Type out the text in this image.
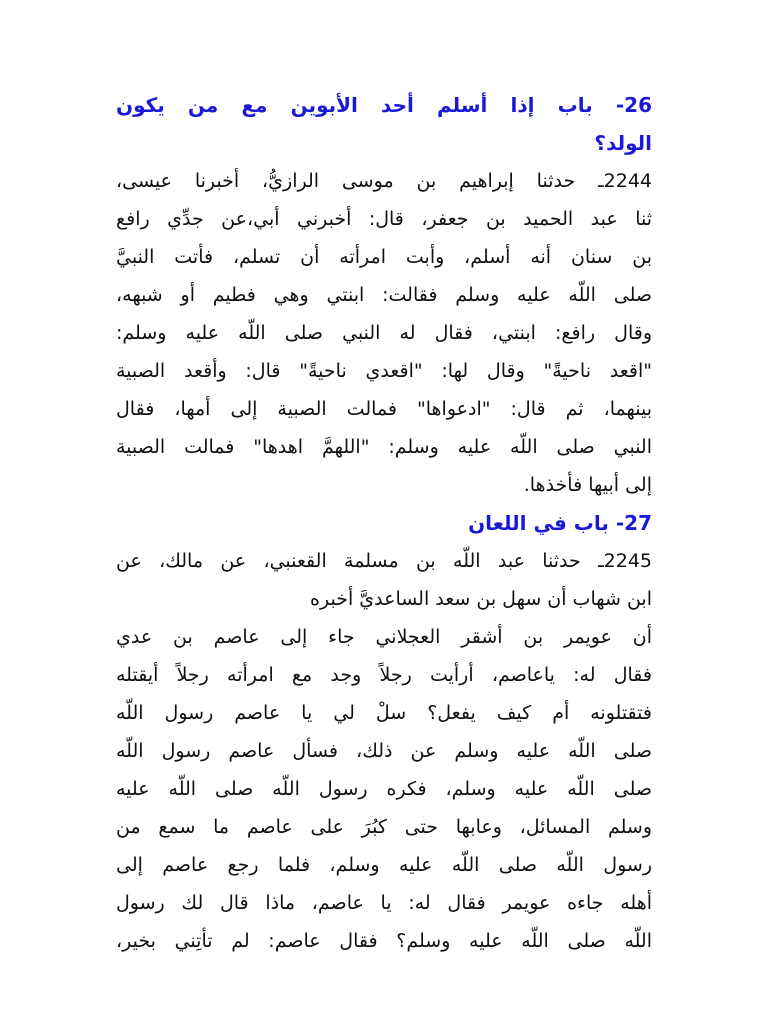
26- باب إذا أسلم أحد الأبوين مع من يكون
الولد؟
2244ـ حدثنا إبراهيم بن موسى الرازيُّ، أخبرنا عيسى،
ثنا عبد الحميد بن جعفر، قال: أخبرني أبي،عن جدِّي رافع
بن سنان أنه أسلم، وأبت امرأته أن تسلم، فأتت النبيَّ
صلى اللّه عليه وسلم فقالت: ابنتي وهي فطيم أو شبهه،
وقال رافع: ابنتي، فقال له النبي صلى اللّه عليه وسلم:
"اقعد ناحيةً" وقال لها: "اقعدي ناحيةً" قال: وأقعد الصبية
بينهما، ثم قال: "ادعواها" فمالت الصبية إلى أمها، فقال
النبي صلى اللّه عليه وسلم: "اللهمَّ اهدها" فمالت الصبية
إلى أبيها فأخذها.
27- باب في اللعان
2245ـ حدثنا عبد اللّه بن مسلمة القعنبي، عن مالك، عن
ابن شهاب أن سهل بن سعد الساعديَّ أخبره
أن عويمر بن أشقر العجلاني جاء إلى عاصم بن عدي
فقال له: ياعاصم، أرأيت رجلاً وجد مع امرأته رجلاً أيقتله
فتقتلونه أم كيف يفعل؟ سلْ لي يا عاصم رسول اللّه
صلى اللّه عليه وسلم عن ذلك، فسأل عاصم رسول اللّه
صلى اللّه عليه وسلم، فكره رسول اللّه صلى اللّه عليه
وسلم المسائل، وعابها حتى كبُرَ على عاصم ما سمع من
رسول اللّه صلى اللّه عليه وسلم، فلما رجع عاصم إلى
أهله جاءه عويمر فقال له: يا عاصم، ماذا قال لك رسول
اللّه صلى اللّه عليه وسلم؟ فقال عاصم: لم تأتِني بخير،
